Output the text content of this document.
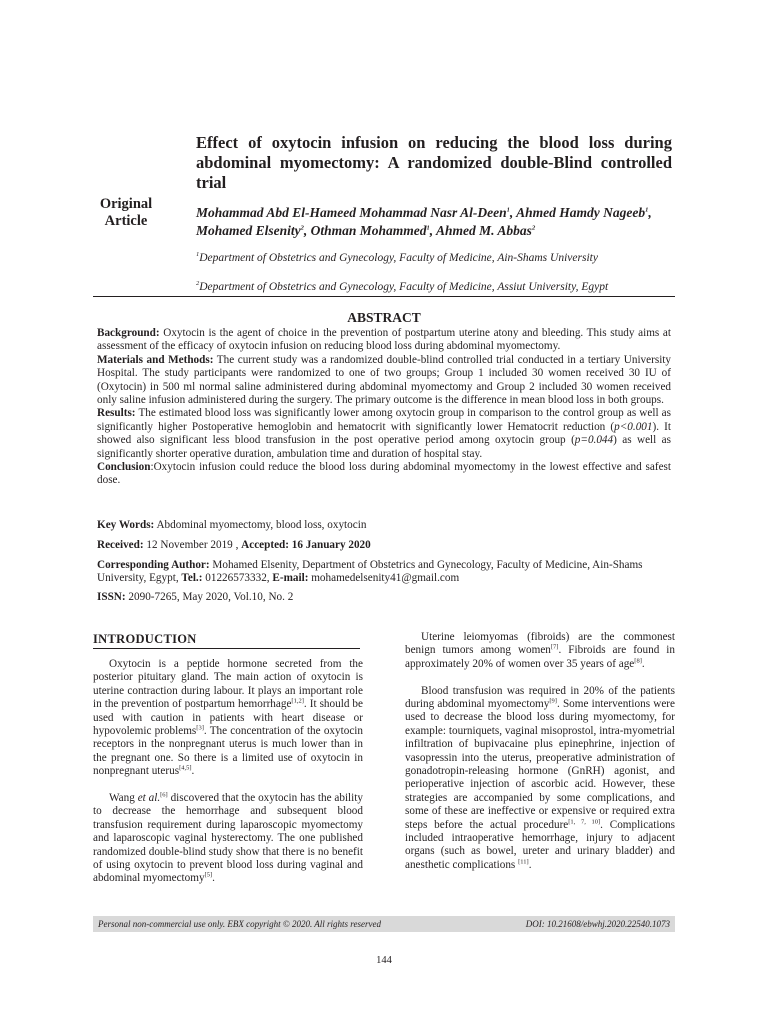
Original
Article
Effect of oxytocin infusion on reducing the blood loss during abdominal myomectomy: A randomized double-Blind controlled trial
Mohammad Abd El-Hameed Mohammad Nasr Al-Deen$^1$, Ahmed Hamdy Nageeb$^1$, Mohamed Elsenity$^2$, Othman Mohammed$^1$, Ahmed M. Abbas$^2$
$^1$Department of Obstetrics and Gynecology, Faculty of Medicine, Ain-Shams University
$^2$Department of Obstetrics and Gynecology, Faculty of Medicine, Assiut University, Egypt
ABSTRACT

Background: Oxytocin is the agent of choice in the prevention of postpartum uterine atony and bleeding. This study aims at assessment of the efficacy of oxytocin infusion on reducing blood loss during abdominal myomectomy.

Materials and Methods: The current study was a randomized double-blind controlled trial conducted in a tertiary University Hospital. The study participants were randomized to one of two groups; Group 1 included 30 women received 30 IU of (Oxytocin) in 500 ml normal saline administered during abdominal myomectomy and Group 2 included 30 women received only saline infusion administered during the surgery. The primary outcome is the difference in mean blood loss in both groups.

Results: The estimated blood loss was significantly lower among oxytocin group in comparison to the control group as well as significantly higher Postoperative hemoglobin and hematocrit with significantly lower Hematocrit reduction (p<0.001). It showed also significant less blood transfusion in the post operative period among oxytocin group (p=0.044) as well as significantly shorter operative duration, ambulation time and duration of hospital stay.

Conclusion:Oxytocin infusion could reduce the blood loss during abdominal myomectomy in the lowest effective and safest dose.

Key Words: Abdominal myomectomy, blood loss, oxytocin
Received: 12 November 2019 , Accepted: 16 January 2020
Corresponding Author: Mohamed Elsenity, Department of Obstetrics and Gynecology, Faculty of Medicine, Ain-Shams University, Egypt, Tel.: 01226573332, E-mail: mohamedelsenity41@gmail.com
ISSN: 2090-7265, May 2020, Vol.10, No. 2
INTRODUCTION

Oxytocin is a peptide hormone secreted from the posterior pituitary gland. The main action of oxytocin is uterine contraction during labour. It plays an important role in the prevention of postpartum hemorrhage[1,2]. It should be used with caution in patients with heart disease or hypovolemic problems[3]. The concentration of the oxytocin receptors in the nonpregnant uterus is much lower than in the pregnant one. So there is a limited use of oxytocin in nonpregnant uterus[4,5].

Wang et al.[6] discovered that the oxytocin has the ability to decrease the hemorrhage and subsequent blood transfusion requirement during laparoscopic myomectomy and laparoscopic vaginal hysterectomy. The one published randomized double-blind study show that there is no benefit of using oxytocin to prevent blood loss during vaginal and abdominal myomectomy[5].

Uterine leiomyomas (fibroids) are the commonest benign tumors among women[7]. Fibroids are found in approximately 20% of women over 35 years of age[8].

Blood transfusion was required in 20% of the patients during abdominal myomectomy[9]. Some interventions were used to decrease the blood loss during myomectomy, for example: tourniquets, vaginal misoprostol, intra-myometrial infiltration of bupivacaine plus epinephrine, injection of vasopressin into the uterus, preoperative administration of gonadotropin-releasing hormone (GnRH) agonist, and perioperative injection of ascorbic acid. However, these strategies are accompanied by some complications, and some of these are ineffective or expensive or required extra steps before the actual procedure[1, 7, 10]. Complications included intraoperative hemorrhage, injury to adjacent organs (such as bowel, ureter and urinary bladder) and anesthetic complications [11].

Personal non-commercial use only. EBX copyright © 2020. All rights reserved	DOI: 10.21608/ebwhj.2020.22540.1073
144
